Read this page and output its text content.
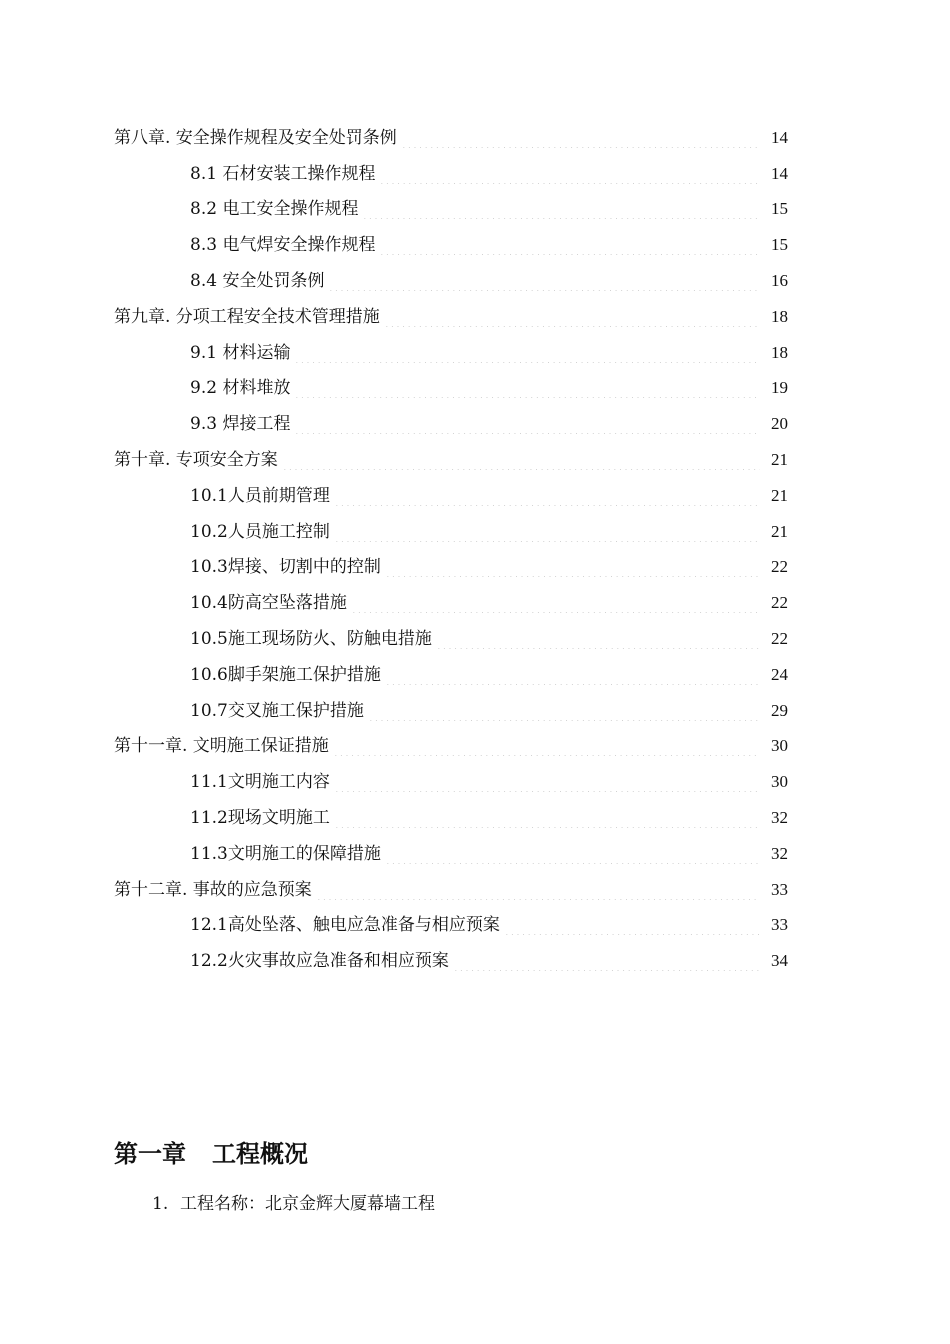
第八章. 安全操作规程及安全处罚条例	14
8.1 石材安装工操作规程	14
8.2 电工安全操作规程	15
8.3 电气焊安全操作规程	15
8.4 安全处罚条例	16
第九章. 分项工程安全技术管理措施	18
9.1 材料运输	18
9.2 材料堆放	19
9.3 焊接工程	20
第十章. 专项安全方案	21
10.1人员前期管理	21
10.2人员施工控制	21
10.3焊接、切割中的控制	22
10.4防高空坠落措施	22
10.5施工现场防火、防触电措施	22
10.6脚手架施工保护措施	24
10.7交叉施工保护措施	29
第十一章. 文明施工保证措施	30
11.1文明施工内容	30
11.2现场文明施工	32
11.3文明施工的保障措施	32
第十二章. 事故的应急预案	33
12.1高处坠落、触电应急准备与相应预案	33
12.2火灾事故应急准备和相应预案	34
第一章 工程概况
1. 工程名称：北京金辉大厦幕墙工程
